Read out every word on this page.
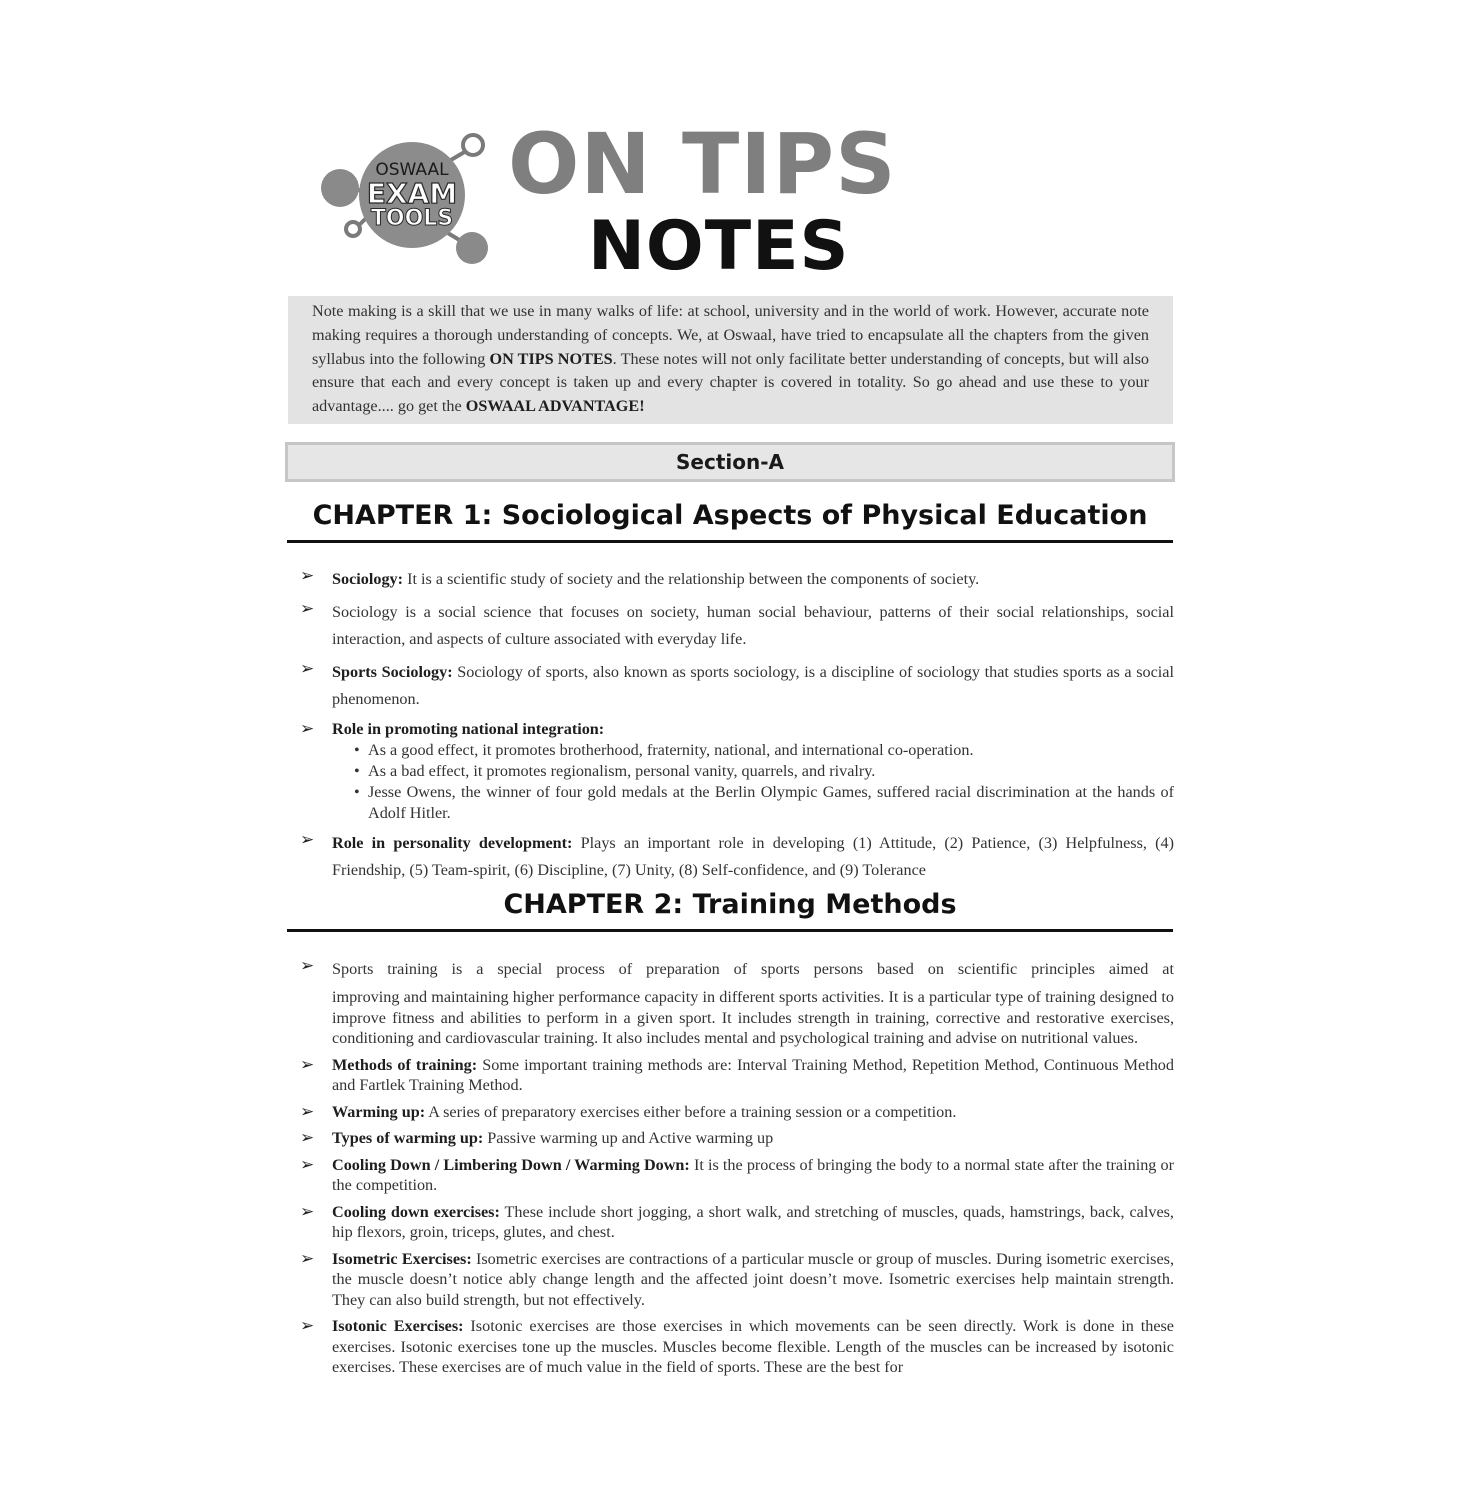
OSWAAL
EXAM
TOOLS
ON TIPS
NOTES

Note making is a skill that we use in many walks of life: at school, university and in the world of work. However, accurate note making requires a thorough understanding of concepts. We, at Oswaal, have tried to encapsulate all the chapters from the given syllabus into the following ON TIPS NOTES. These notes will not only facilitate better understanding of concepts, but will also ensure that each and every concept is taken up and every chapter is covered in totality. So go ahead and use these to your advantage.... go get the OSWAAL ADVANTAGE!

Section-A
CHAPTER 1: Sociological Aspects of Physical Education
➢ Sociology: It is a scientific study of society and the relationship between the components of society.
➢ Sociology is a social science that focuses on society, human social behaviour, patterns of their social relationships, social interaction, and aspects of culture associated with everyday life.
➢ Sports Sociology: Sociology of sports, also known as sports sociology, is a discipline of sociology that studies sports as a social phenomenon.
➢ Role in promoting national integration:
• As a good effect, it promotes brotherhood, fraternity, national, and international co-operation.
• As a bad effect, it promotes regionalism, personal vanity, quarrels, and rivalry.
• Jesse Owens, the winner of four gold medals at the Berlin Olympic Games, suffered racial discrimination at the hands of Adolf Hitler.
➢ Role in personality development: Plays an important role in developing (1) Attitude, (2) Patience, (3) Helpfulness, (4) Friendship, (5) Team-spirit, (6) Discipline, (7) Unity, (8) Self-confidence, and (9) Tolerance
CHAPTER 2: Training Methods
➢ Sports training is a special process of preparation of sports persons based on scientific principles aimed at
improving and maintaining higher performance capacity in different sports activities. It is a particular type of training designed to improve fitness and abilities to perform in a given sport. It includes strength in training, corrective and restorative exercises, conditioning and cardiovascular training. It also includes mental and psychological training and advise on nutritional values.
➢ Methods of training: Some important training methods are: Interval Training Method, Repetition Method, Continuous Method and Fartlek Training Method.
➢ Warming up: A series of preparatory exercises either before a training session or a competition.
➢ Types of warming up: Passive warming up and Active warming up
➢ Cooling Down / Limbering Down / Warming Down: It is the process of bringing the body to a normal state after the training or the competition.
➢ Cooling down exercises: These include short jogging, a short walk, and stretching of muscles, quads, hamstrings, back, calves, hip flexors, groin, triceps, glutes, and chest.
➢ Isometric Exercises: Isometric exercises are contractions of a particular muscle or group of muscles. During isometric exercises, the muscle doesn’t notice ably change length and the affected joint doesn’t move. Isometric exercises help maintain strength. They can also build strength, but not effectively.
➢ Isotonic Exercises: Isotonic exercises are those exercises in which movements can be seen directly. Work is done in these exercises. Isotonic exercises tone up the muscles. Muscles become flexible. Length of the muscles can be increased by isotonic exercises. These exercises are of much value in the field of sports. These are the best for
